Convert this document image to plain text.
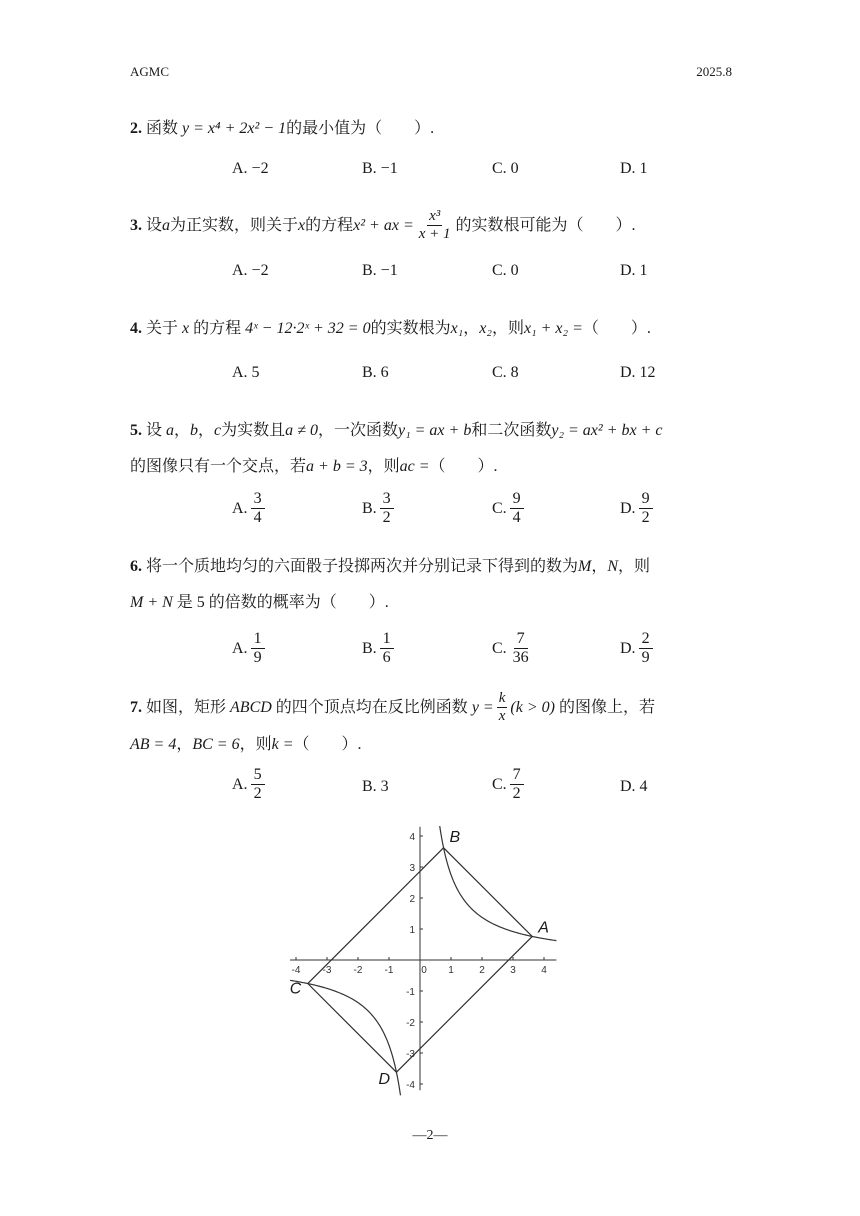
AGMC	2025.8
2. 函数 y = x⁴ + 2x² − 1的最小值为（　　）.
A. −2	B. −1	C. 0	D. 1
3.
设 a 为正实数，则关于 x 的方程 x² + ax = $\frac{\text{x³}}{x + 1}$ 的实数根可能为（　　）.
A. −2	B. −1	C. 0	D. 1
4. 关于 x 的方程 4ˣ − 12·2ˣ + 32 = 0的实数根为x₁，x₂，则x₁ + x₂ =（　　）.
A. 5	B. 6	C. 8	D. 12
5. 设 a，b，c为实数且a ≠ 0，一次函数y₁ = ax + b和二次函数y₂ = ax² + bx + c
的图像只有一个交点，若a + b = 3，则ac =（　　）.
A. $\frac{3}{4}$	B. $\frac{3}{2}$	C. $\frac{9}{4}$	D. $\frac{9}{2}$
6. 将一个质地均匀的六面骰子投掷两次并分别记录下得到的数为M，N，则
M + N 是 5 的倍数的概率为（　　）.
A. $\frac{1}{9}$	B. $\frac{1}{6}$	C. $\frac{7}{36}$	D. $\frac{2}{9}$
7.
如图，矩形
ABCD
的四个顶点均在反比例函数
$y = \frac{k}{x} (k > 0)$
的图像上，若
AB = 4，BC = 6，则k =（　　）.
A. $\frac{5}{2}$	B. 3	C. $\frac{7}{2}$	D. 4
-4 -3 -2 -1	0 1	2	3	4
4
3
2
1
-1
-2
-3
-4
A
B
C
D
—2—
